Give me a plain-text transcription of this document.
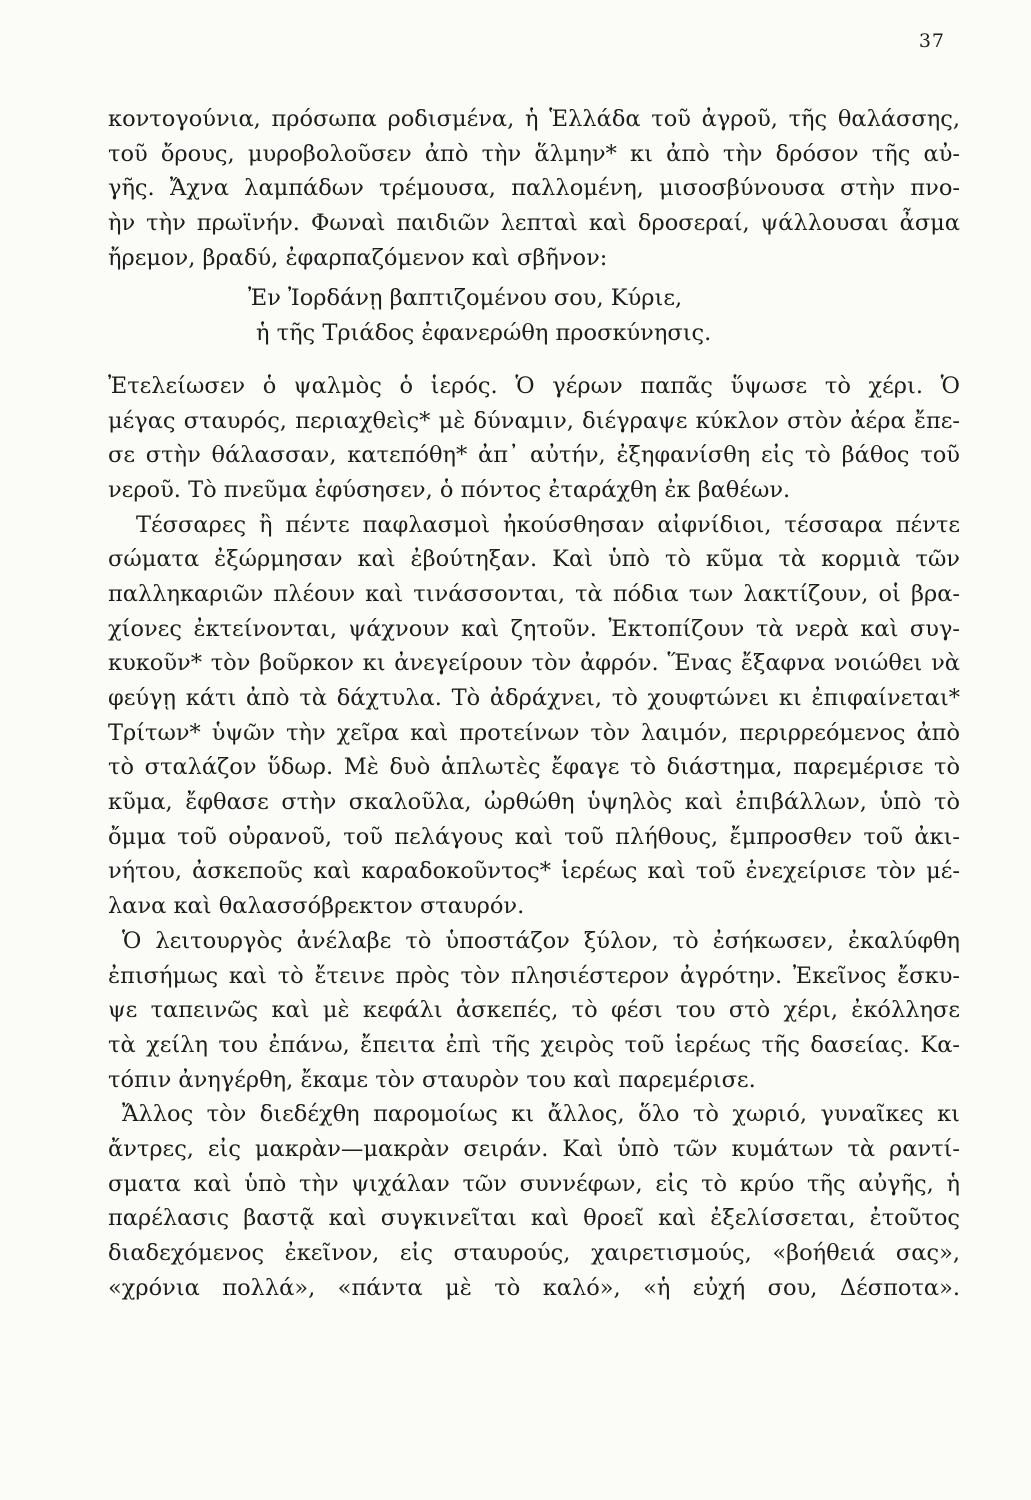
37
κοντογούνια, πρόσωπα ροδισμένα, ἡ Ἑλλάδα τοῦ ἀγροῦ, τῆς θαλάσσης,
τοῦ ὄρους, μυροβολοῦσεν ἀπὸ τὴν ἅλμην* κι ἀπὸ τὴν δρόσον τῆς αὐ-
γῆς. Ἄχνα λαμπάδων τρέμουσα, παλλομένη, μισοσβύνουσα στὴν πνο-
ὴν τὴν πρωϊνήν. Φωναὶ παιδιῶν λεπταὶ καὶ δροσεραί, ψάλλουσαι ἆσμα
ἤρεμον, βραδύ, ἐφαρπαζόμενον καὶ σβῆνον:
Ἐν Ἰορδάνῃ βαπτιζομένου σου, Κύριε,
ἡ τῆς Τριάδος ἐφανερώθη προσκύνησις.
Ἐτελείωσεν ὁ ψαλμὸς ὁ ἱερός. Ὁ γέρων παπᾶς ὕψωσε τὸ χέρι. Ὁ
μέγας σταυρός, περιαχθεὶς* μὲ δύναμιν, διέγραψε κύκλον στὸν ἀέρα ἔπε-
σε στὴν θάλασσαν, κατεπόθη* ἀπ᾽ αὐτήν, ἐξηφανίσθη εἰς τὸ βάθος τοῦ
νεροῦ. Τὸ πνεῦμα ἐφύσησεν, ὁ πόντος ἐταράχθη ἐκ βαθέων.
Τέσσαρες ἢ πέντε παφλασμοὶ ἠκούσθησαν αἰφνίδιοι, τέσσαρα πέντε
σώματα ἐξώρμησαν καὶ ἐβούτηξαν. Καὶ ὑπὸ τὸ κῦμα τὰ κορμιὰ τῶν
παλληκαριῶν πλέουν καὶ τινάσσονται, τὰ πόδια των λακτίζουν, οἱ βρα-
χίονες ἐκτείνονται, ψάχνουν καὶ ζητοῦν. Ἐκτοπίζουν τὰ νερὰ καὶ συγ-
κυκοῦν* τὸν βοῦρκον κι ἀνεγείρουν τὸν ἀφρόν. Ἕνας ἔξαφνα νοιώθει νὰ
φεύγῃ κάτι ἀπὸ τὰ δάχτυλα. Τὸ ἀδράχνει, τὸ χουφτώνει κι ἐπιφαίνεται*
Τρίτων* ὑψῶν τὴν χεῖρα καὶ προτείνων τὸν λαιμόν, περιρρεόμενος ἀπὸ
τὸ σταλάζον ὕδωρ. Μὲ δυὸ ἁπλωτὲς ἔφαγε τὸ διάστημα, παρεμέρισε τὸ
κῦμα, ἔφθασε στὴν σκαλοῦλα, ὠρθώθη ὑψηλὸς καὶ ἐπιβάλλων, ὑπὸ τὸ
ὄμμα τοῦ οὐρανοῦ, τοῦ πελάγους καὶ τοῦ πλήθους, ἔμπροσθεν τοῦ ἀκι-
νήτου, ἀσκεποῦς καὶ καραδοκοῦντος* ἱερέως καὶ τοῦ ἐνεχείρισε τὸν μέ-
λανα καὶ θαλασσόβρεκτον σταυρόν.
Ὁ λειτουργὸς ἀνέλαβε τὸ ὑποστάζον ξύλον, τὸ ἐσήκωσεν, ἐκαλύφθη
ἐπισήμως καὶ τὸ ἔτεινε πρὸς τὸν πλησιέστερον ἀγρότην. Ἐκεῖνος ἔσκυ-
ψε ταπεινῶς καὶ μὲ κεφάλι ἀσκεπές, τὸ φέσι του στὸ χέρι, ἐκόλλησε
τὰ χείλη του ἐπάνω, ἔπειτα ἐπὶ τῆς χειρὸς τοῦ ἱερέως τῆς δασείας. Κα-
τόπιν ἀνηγέρθη, ἔκαμε τὸν σταυρὸν του καὶ παρεμέρισε.
Ἄλλος τὸν διεδέχθη παρομοίως κι ἄλλος, ὅλο τὸ χωριό, γυναῖκες κι
ἄντρες, εἰς μακρὰν—μακρὰν σειράν. Καὶ ὑπὸ τῶν κυμάτων τὰ ραντί-
σματα καὶ ὑπὸ τὴν ψιχάλαν τῶν συννέφων, εἰς τὸ κρύο τῆς αὐγῆς, ἡ
παρέλασις βαστᾷ καὶ συγκινεῖται καὶ θροεῖ καὶ ἐξελίσσεται, ἐτοῦτος
διαδεχόμενος ἐκεῖνον, εἰς σταυρούς, χαιρετισμούς, «βοήθειά σας»,
«χρόνια πολλά», «πάντα μὲ τὸ καλό», «ἡ εὐχή σου, Δέσποτα».
